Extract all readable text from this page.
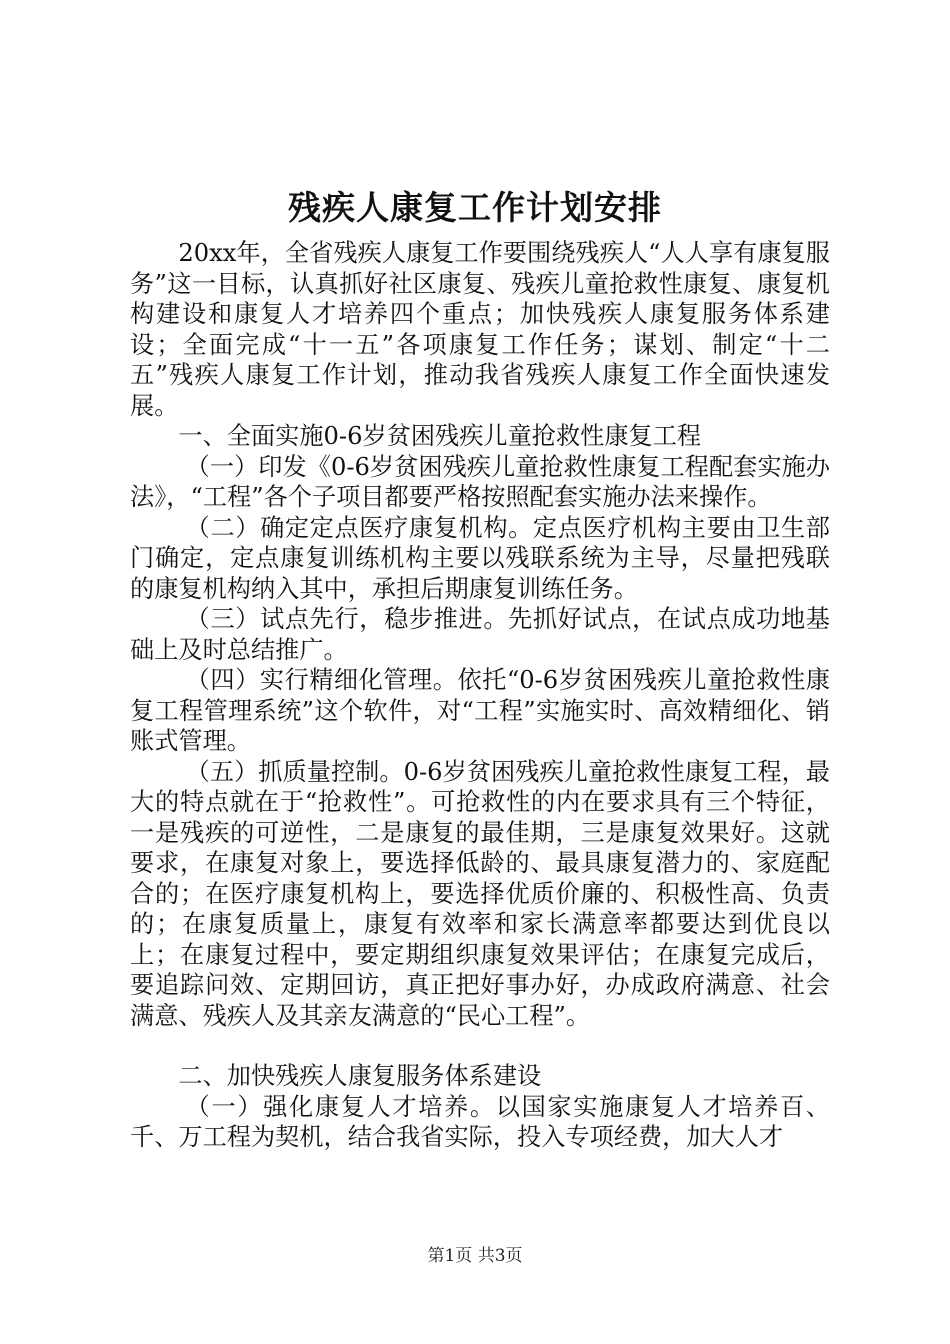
残疾人康复工作计划安排

20xx年，全省残疾人康复工作要围绕残疾人“人人享有康复服务”这一目标，认真抓好社区康复、残疾儿童抢救性康复、康复机构建设和康复人才培养四个重点；加快残疾人康复服务体系建设；全面完成“十一五”各项康复工作任务；谋划、制定“十二五”残疾人康复工作计划，推动我省残疾人康复工作全面快速发展。

一、全面实施0-6岁贫困残疾儿童抢救性康复工程

（一）印发《0-6岁贫困残疾儿童抢救性康复工程配套实施办法》，“工程”各个子项目都要严格按照配套实施办法来操作。

（二）确定定点医疗康复机构。定点医疗机构主要由卫生部门确定，定点康复训练机构主要以残联系统为主导，尽量把残联的康复机构纳入其中，承担后期康复训练任务。

（三）试点先行，稳步推进。先抓好试点，在试点成功地基础上及时总结推广。

（四）实行精细化管理。依托“0-6岁贫困残疾儿童抢救性康复工程管理系统”这个软件，对“工程”实施实时、高效精细化、销账式管理。

（五）抓质量控制。0-6岁贫困残疾儿童抢救性康复工程，最大的特点就在于“抢救性”。可抢救性的内在要求具有三个特征，一是残疾的可逆性，二是康复的最佳期，三是康复效果好。这就要求，在康复对象上，要选择低龄的、最具康复潜力的、家庭配合的；在医疗康复机构上，要选择优质价廉的、积极性高、负责的；在康复质量上，康复有效率和家长满意率都要达到优良以上；在康复过程中，要定期组织康复效果评估；在康复完成后，要追踪问效、定期回访，真正把好事办好，办成政府满意、社会满意、残疾人及其亲友满意的“民心工程”。

二、加快残疾人康复服务体系建设

（一）强化康复人才培养。以国家实施康复人才培养百、千、万工程为契机，结合我省实际，投入专项经费，加大人才

第1页 共3页
